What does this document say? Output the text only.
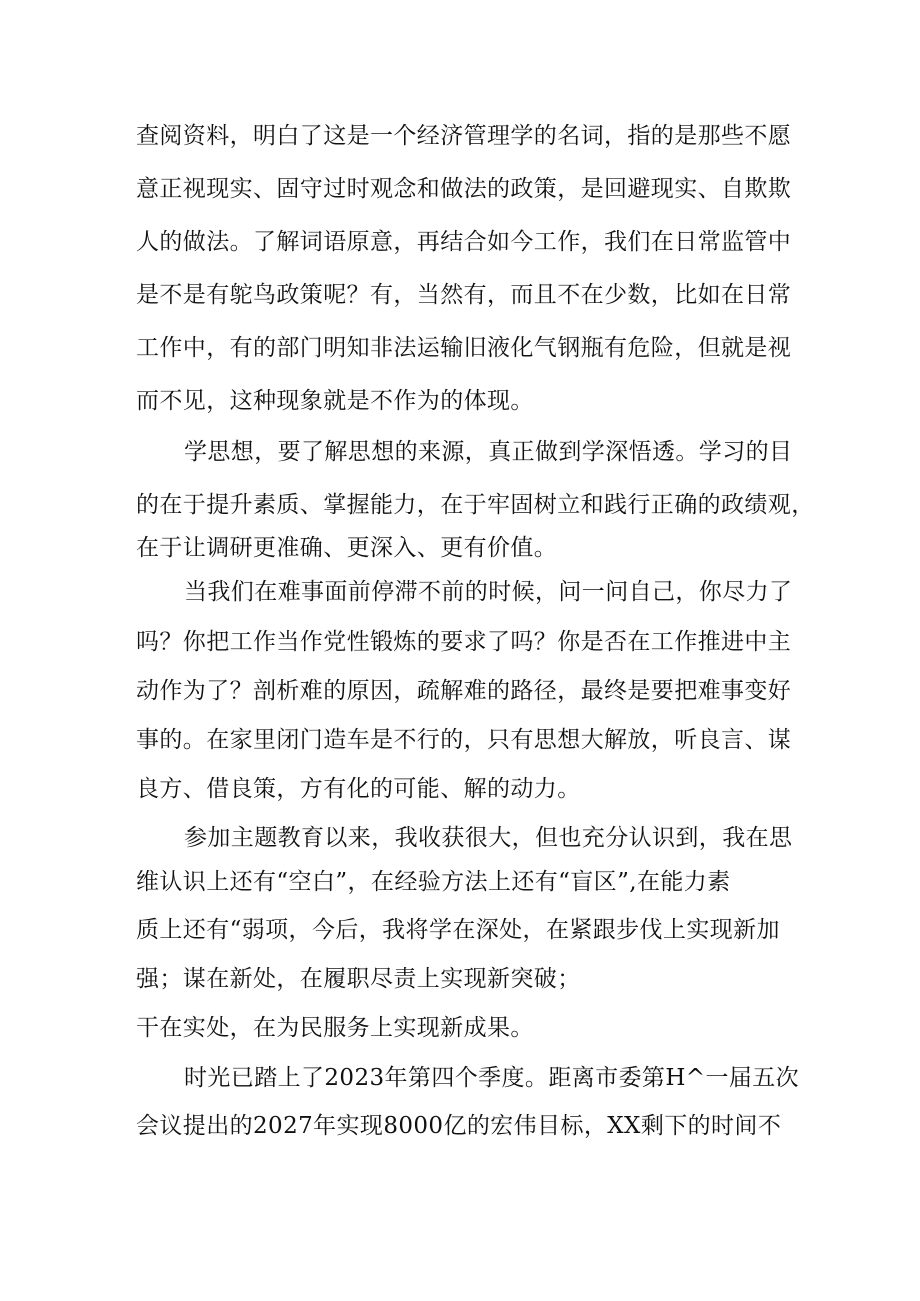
查阅资料，明白了这是一个经济管理学的名词，指的是那些不愿
意正视现实、固守过时观念和做法的政策，是回避现实、自欺欺
人的做法。了解词语原意，再结合如今工作，我们在日常监管中
是不是有鸵鸟政策呢？有，当然有，而且不在少数，比如在日常
工作中，有的部门明知非法运输旧液化气钢瓶有危险，但就是视
而不见，这种现象就是不作为的体现。
学思想，要了解思想的来源，真正做到学深悟透。学习的目
的在于提升素质、掌握能力，在于牢固树立和践行正确的政绩观，
在于让调研更准确、更深入、更有价值。
当我们在难事面前停滞不前的时候，问一问自己，你尽力了
吗？你把工作当作党性锻炼的要求了吗？你是否在工作推进中主
动作为了？剖析难的原因，疏解难的路径，最终是要把难事变好
事的。在家里闭门造车是不行的，只有思想大解放，听良言、谋
良方、借良策，方有化的可能、解的动力。
参加主题教育以来，我收获很大，但也充分认识到，我在思
维认识上还有“空白”，在经验方法上还有“盲区”,在能力素
质上还有“弱项，今后，我将学在深处，在紧跟步伐上实现新加
强；谋在新处，在履职尽责上实现新突破；
干在实处，在为民服务上实现新成果。
时光已踏上了2023年第四个季度。距离市委第H^一届五次
会议提出的2027年实现8000亿的宏伟目标，XX剩下的时间不
